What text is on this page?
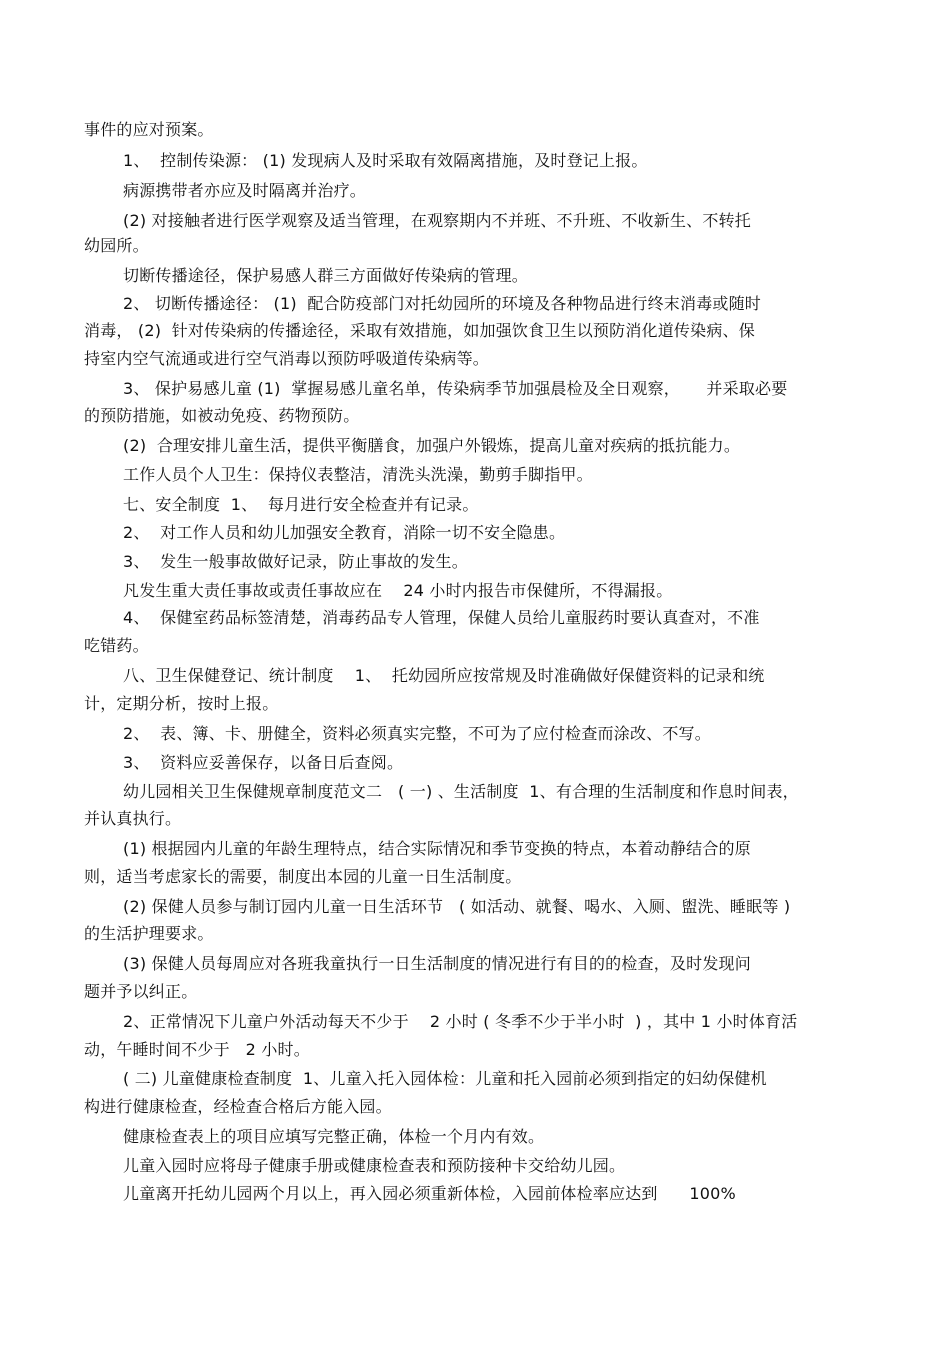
事件的应对预案。
1、  控制传染源： (1) 发现病人及时采取有效隔离措施，及时登记上报。
病源携带者亦应及时隔离并治疗。
(2) 对接触者进行医学观察及适当管理，在观察期内不并班、不升班、不收新生、不转托
幼园所。
切断传播途径，保护易感人群三方面做好传染病的管理。
2、 切断传播途径： (1)  配合防疫部门对托幼园所的环境及各种物品进行终末消毒或随时
消毒， (2)  针对传染病的传播途径，采取有效措施，如加强饮食卫生以预防消化道传染病、保
持室内空气流通或进行空气消毒以预防呼吸道传染病等。
3、 保护易感儿童 (1)  掌握易感儿童名单，传染病季节加强晨检及全日观察，     并采取必要
的预防措施，如被动免疫、药物预防。
(2)  合理安排儿童生活，提供平衡膳食，加强户外锻炼，提高儿童对疾病的抵抗能力。
工作人员个人卫生：保持仪表整洁，清洗头洗澡，勤剪手脚指甲。
七、安全制度  1、  每月进行安全检查并有记录。
2、  对工作人员和幼儿加强安全教育，消除一切不安全隐患。
3、  发生一般事故做好记录，防止事故的发生。
凡发生重大责任事故或责任事故应在    24 小时内报告市保健所，不得漏报。
4、  保健室药品标签清楚，消毒药品专人管理，保健人员给儿童服药时要认真查对，不准
吃错药。
八、卫生保健登记、统计制度    1、  托幼园所应按常规及时准确做好保健资料的记录和统
计，定期分析，按时上报。
2、  表、簿、卡、册健全，资料必须真实完整，不可为了应付检查而涂改、不写。
3、  资料应妥善保存，以备日后查阅。
幼儿园相关卫生保健规章制度范文二   ( 一) 、生活制度  1、有合理的生活制度和作息时间表，
并认真执行。
(1) 根据园内儿童的年龄生理特点，结合实际情况和季节变换的特点，本着动静结合的原
则，适当考虑家长的需要，制度出本园的儿童一日生活制度。
(2) 保健人员参与制订园内儿童一日生活环节   ( 如活动、就餐、喝水、入厕、盥洗、睡眠等 )
的生活护理要求。
(3) 保健人员每周应对各班我童执行一日生活制度的情况进行有目的的检查，及时发现问
题并予以纠正。
2、正常情况下儿童户外活动每天不少于    2 小时 ( 冬季不少于半小时  ) ，其中 1 小时体育活
动，午睡时间不少于   2 小时。
( 二) 儿童健康检查制度  1、儿童入托入园体检：儿童和托入园前必须到指定的妇幼保健机
构进行健康检查，经检查合格后方能入园。
健康检查表上的项目应填写完整正确，体检一个月内有效。
儿童入园时应将母子健康手册或健康检查表和预防接种卡交给幼儿园。
儿童离开托幼儿园两个月以上，再入园必须重新体检，入园前体检率应达到      100%
